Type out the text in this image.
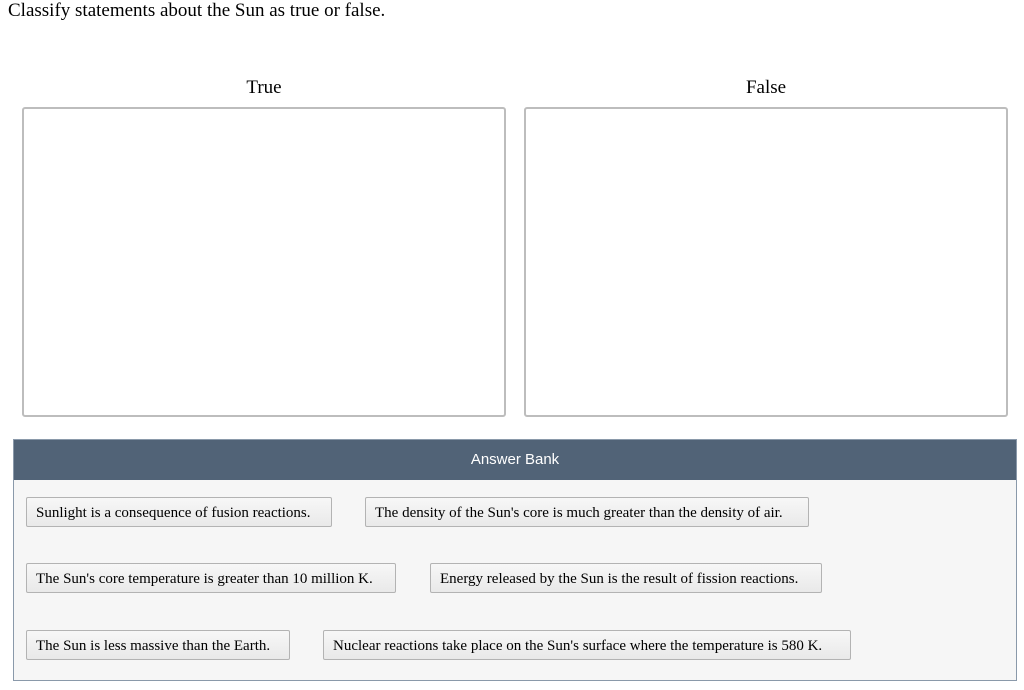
Classify statements about the Sun as true or false.

True	False
Answer Bank
Sunlight is a consequence of fusion reactions.	The density of the Sun's core is much greater than the density of air.
The Sun's core temperature is greater than 10 million K.	Energy released by the Sun is the result of fission reactions.
The Sun is less massive than the Earth.	Nuclear reactions take place on the Sun's surface where the temperature is 580 K.
